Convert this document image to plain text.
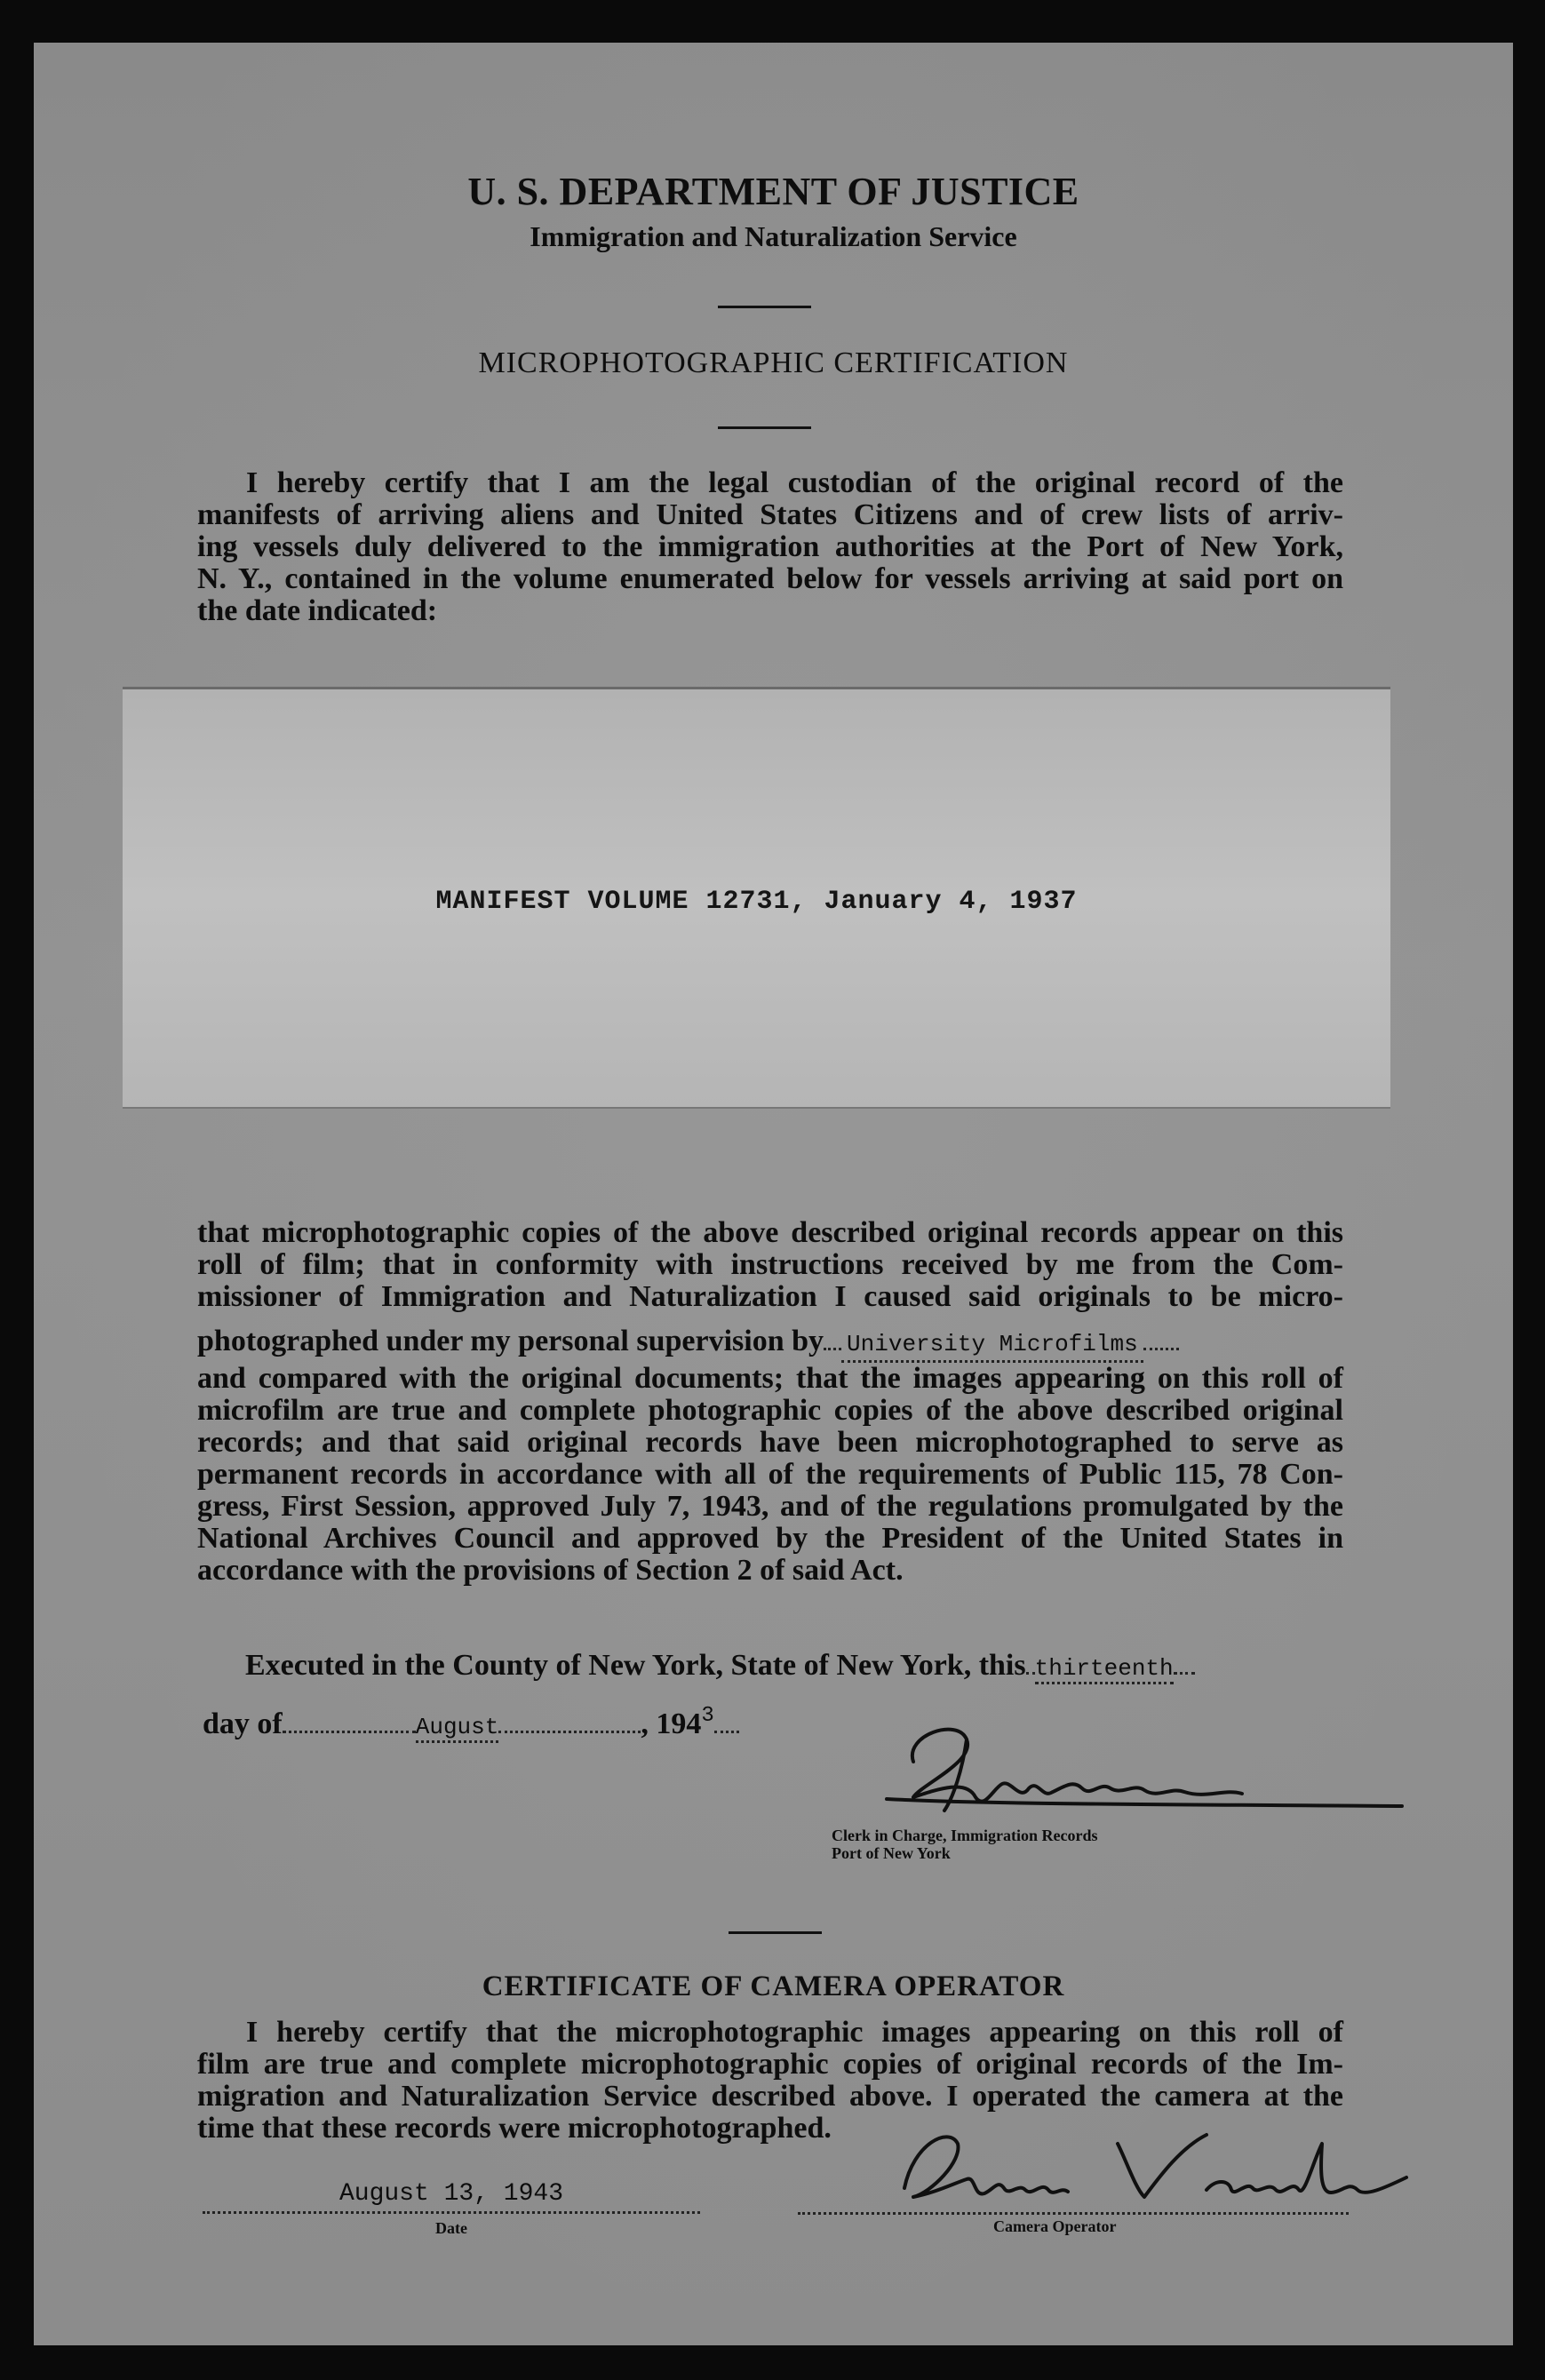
U. S. DEPARTMENT OF JUSTICE
Immigration and Naturalization Service
MICROPHOTOGRAPHIC CERTIFICATION
I hereby certify that I am the legal custodian of the original record of the
manifests of arriving aliens and United States Citizens and of crew lists of arriv-
ing vessels duly delivered to the immigration authorities at the Port of New York,
N. Y., contained in the volume enumerated below for vessels arriving at said port on
the date indicated:
MANIFEST VOLUME 12731, January 4, 1937
that microphotographic copies of the above described original records appear on this
roll of film; that in conformity with instructions received by me from the Com-
missioner of Immigration and Naturalization I caused said originals to be micro-
photographed under my personal supervision by University Microfilms
and compared with the original documents; that the images appearing on this roll of
microfilm are true and complete photographic copies of the above described original
records; and that said original records have been microphotographed to serve as
permanent records in accordance with all of the requirements of Public 115, 78 Con-
gress, First Session, approved July 7, 1943, and of the regulations promulgated by the
National Archives Council and approved by the President of the United States in
accordance with the provisions of Section 2 of said Act.
Executed in the County of New York, State of New York, this thirteenth
day of	August	, $194^3$
Clerk in Charge, Immigration Records
Port of New York
CERTIFICATE OF CAMERA OPERATOR
I hereby certify that the microphotographic images appearing on this roll of
film are true and complete microphotographic copies of original records of the Im-
migration and Naturalization Service described above. I operated the camera at the
time that these records were microphotographed.
August 13, 1943
Date	Camera Operator
